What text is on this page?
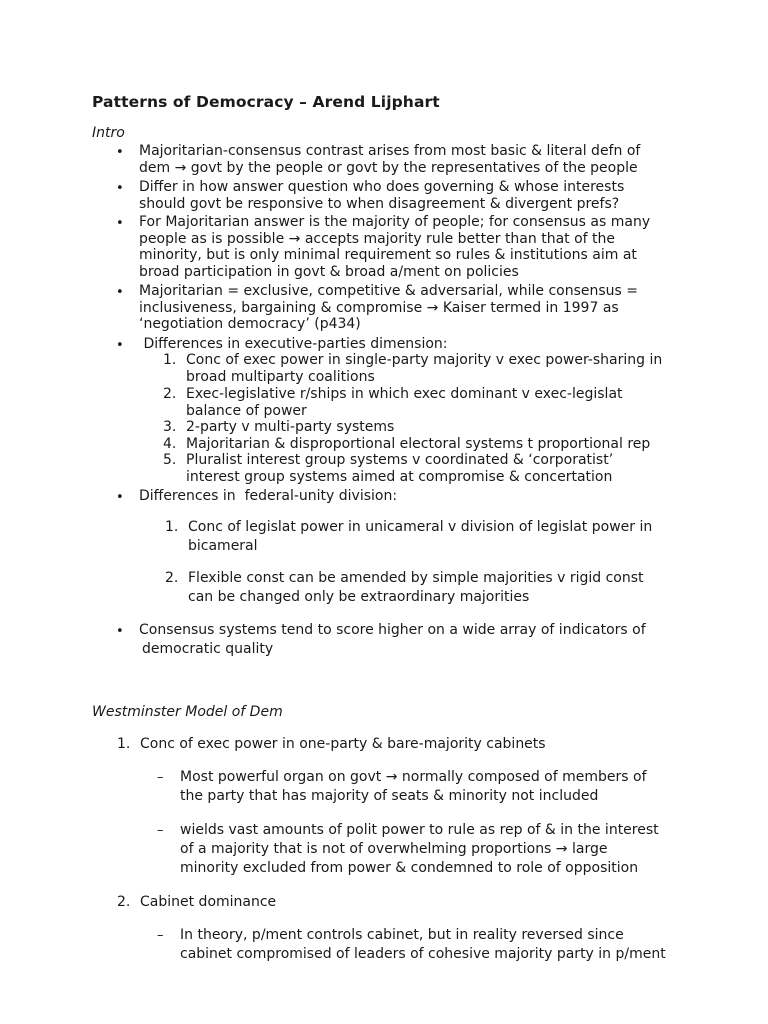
Patterns of Democracy – Arend Lijphart
Intro
• Majoritarian-consensus contrast arises from most basic & literal defn of
dem → govt by the people or govt by the representatives of the people
• Differ in how answer question who does governing & whose interests
should govt be responsive to when disagreement & divergent prefs?
• For Majoritarian answer is the majority of people; for consensus as many
people as is possible → accepts majority rule better than that of the
minority, but is only minimal requirement so rules & institutions aim at
broad participation in govt & broad a/ment on policies
• Majoritarian = exclusive, competitive & adversarial, while consensus =
inclusiveness, bargaining & compromise → Kaiser termed in 1997 as
‘negotiation democracy’ (p434)
• Differences in executive-parties dimension:
1. Conc of exec power in single-party majority v exec power-sharing in
broad multiparty coalitions
2. Exec-legislative r/ships in which exec dominant v exec-legislat
balance of power
3. 2-party v multi-party systems
4. Majoritarian & disproportional electoral systems t proportional rep
5. Pluralist interest group systems v coordinated & ‘corporatist’
interest group systems aimed at compromise & concertation
• Differences in  federal-unity division:
1. Conc of legislat power in unicameral v division of legislat power in
bicameral
2. Flexible const can be amended by simple majorities v rigid const
can be changed only be extraordinary majorities
• Consensus systems tend to score higher on a wide array of indicators of
democratic quality
Westminster Model of Dem
1. Conc of exec power in one-party & bare-majority cabinets
– Most powerful organ on govt → normally composed of members of
the party that has majority of seats & minority not included
– wields vast amounts of polit power to rule as rep of & in the interest
of a majority that is not of overwhelming proportions → large
minority excluded from power & condemned to role of opposition
2. Cabinet dominance
– In theory, p/ment controls cabinet, but in reality reversed since
cabinet compromised of leaders of cohesive majority party in p/ment
